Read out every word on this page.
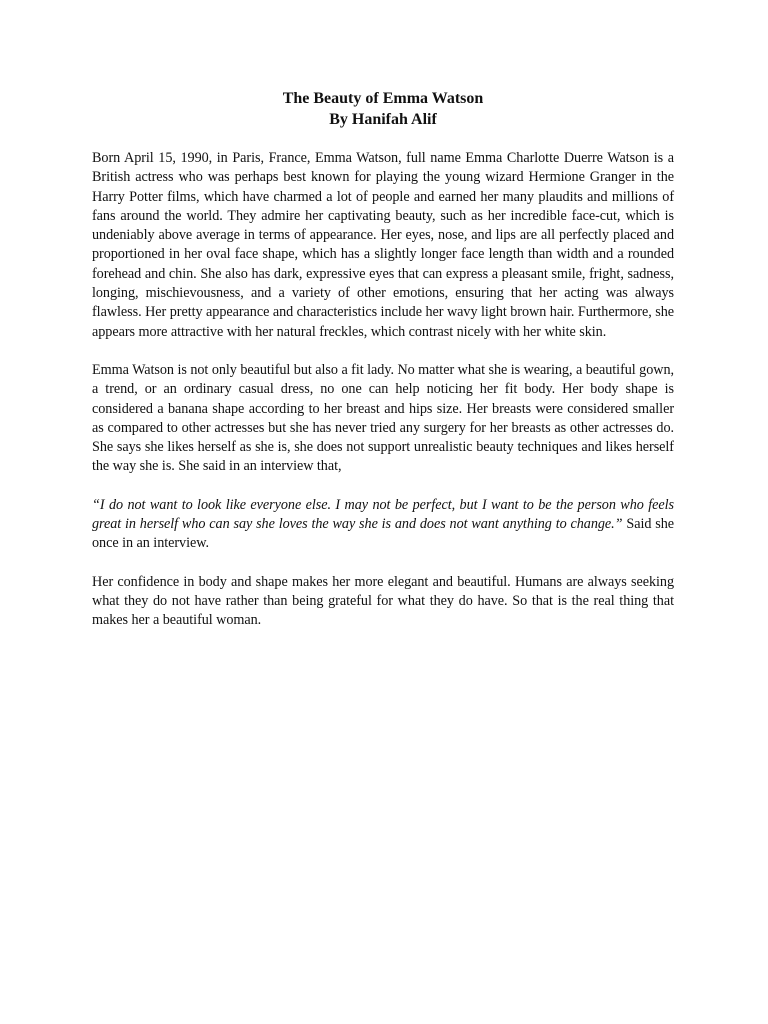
The Beauty of Emma Watson
By Hanifah Alif

Born April 15, 1990, in Paris, France, Emma Watson, full name Emma Charlotte Duerre Watson is a British actress who was perhaps best known for playing the young wizard Hermione Granger in the Harry Potter films, which have charmed a lot of people and earned her many plaudits and millions of fans around the world. They admire her captivating beauty, such as her incredible face-cut, which is undeniably above average in terms of appearance. Her eyes, nose, and lips are all perfectly placed and proportioned in her oval face shape, which has a slightly longer face length than width and a rounded forehead and chin. She also has dark, expressive eyes that can express a pleasant smile, fright, sadness, longing, mischievousness, and a variety of other emotions, ensuring that her acting was always flawless. Her pretty appearance and characteristics include her wavy light brown hair. Furthermore, she appears more attractive with her natural freckles, which contrast nicely with her white skin.

Emma Watson is not only beautiful but also a fit lady. No matter what she is wearing, a beautiful gown, a trend, or an ordinary casual dress, no one can help noticing her fit body. Her body shape is considered a banana shape according to her breast and hips size. Her breasts were considered smaller as compared to other actresses but she has never tried any surgery for her breasts as other actresses do. She says she likes herself as she is, she does not support unrealistic beauty techniques and likes herself the way she is. She said in an interview that,

“I do not want to look like everyone else. I may not be perfect, but I want to be the person who feels great in herself who can say she loves the way she is and does not want anything to change.” Said she once in an interview.

Her confidence in body and shape makes her more elegant and beautiful. Humans are always seeking what they do not have rather than being grateful for what they do have. So that is the real thing that makes her a beautiful woman.
